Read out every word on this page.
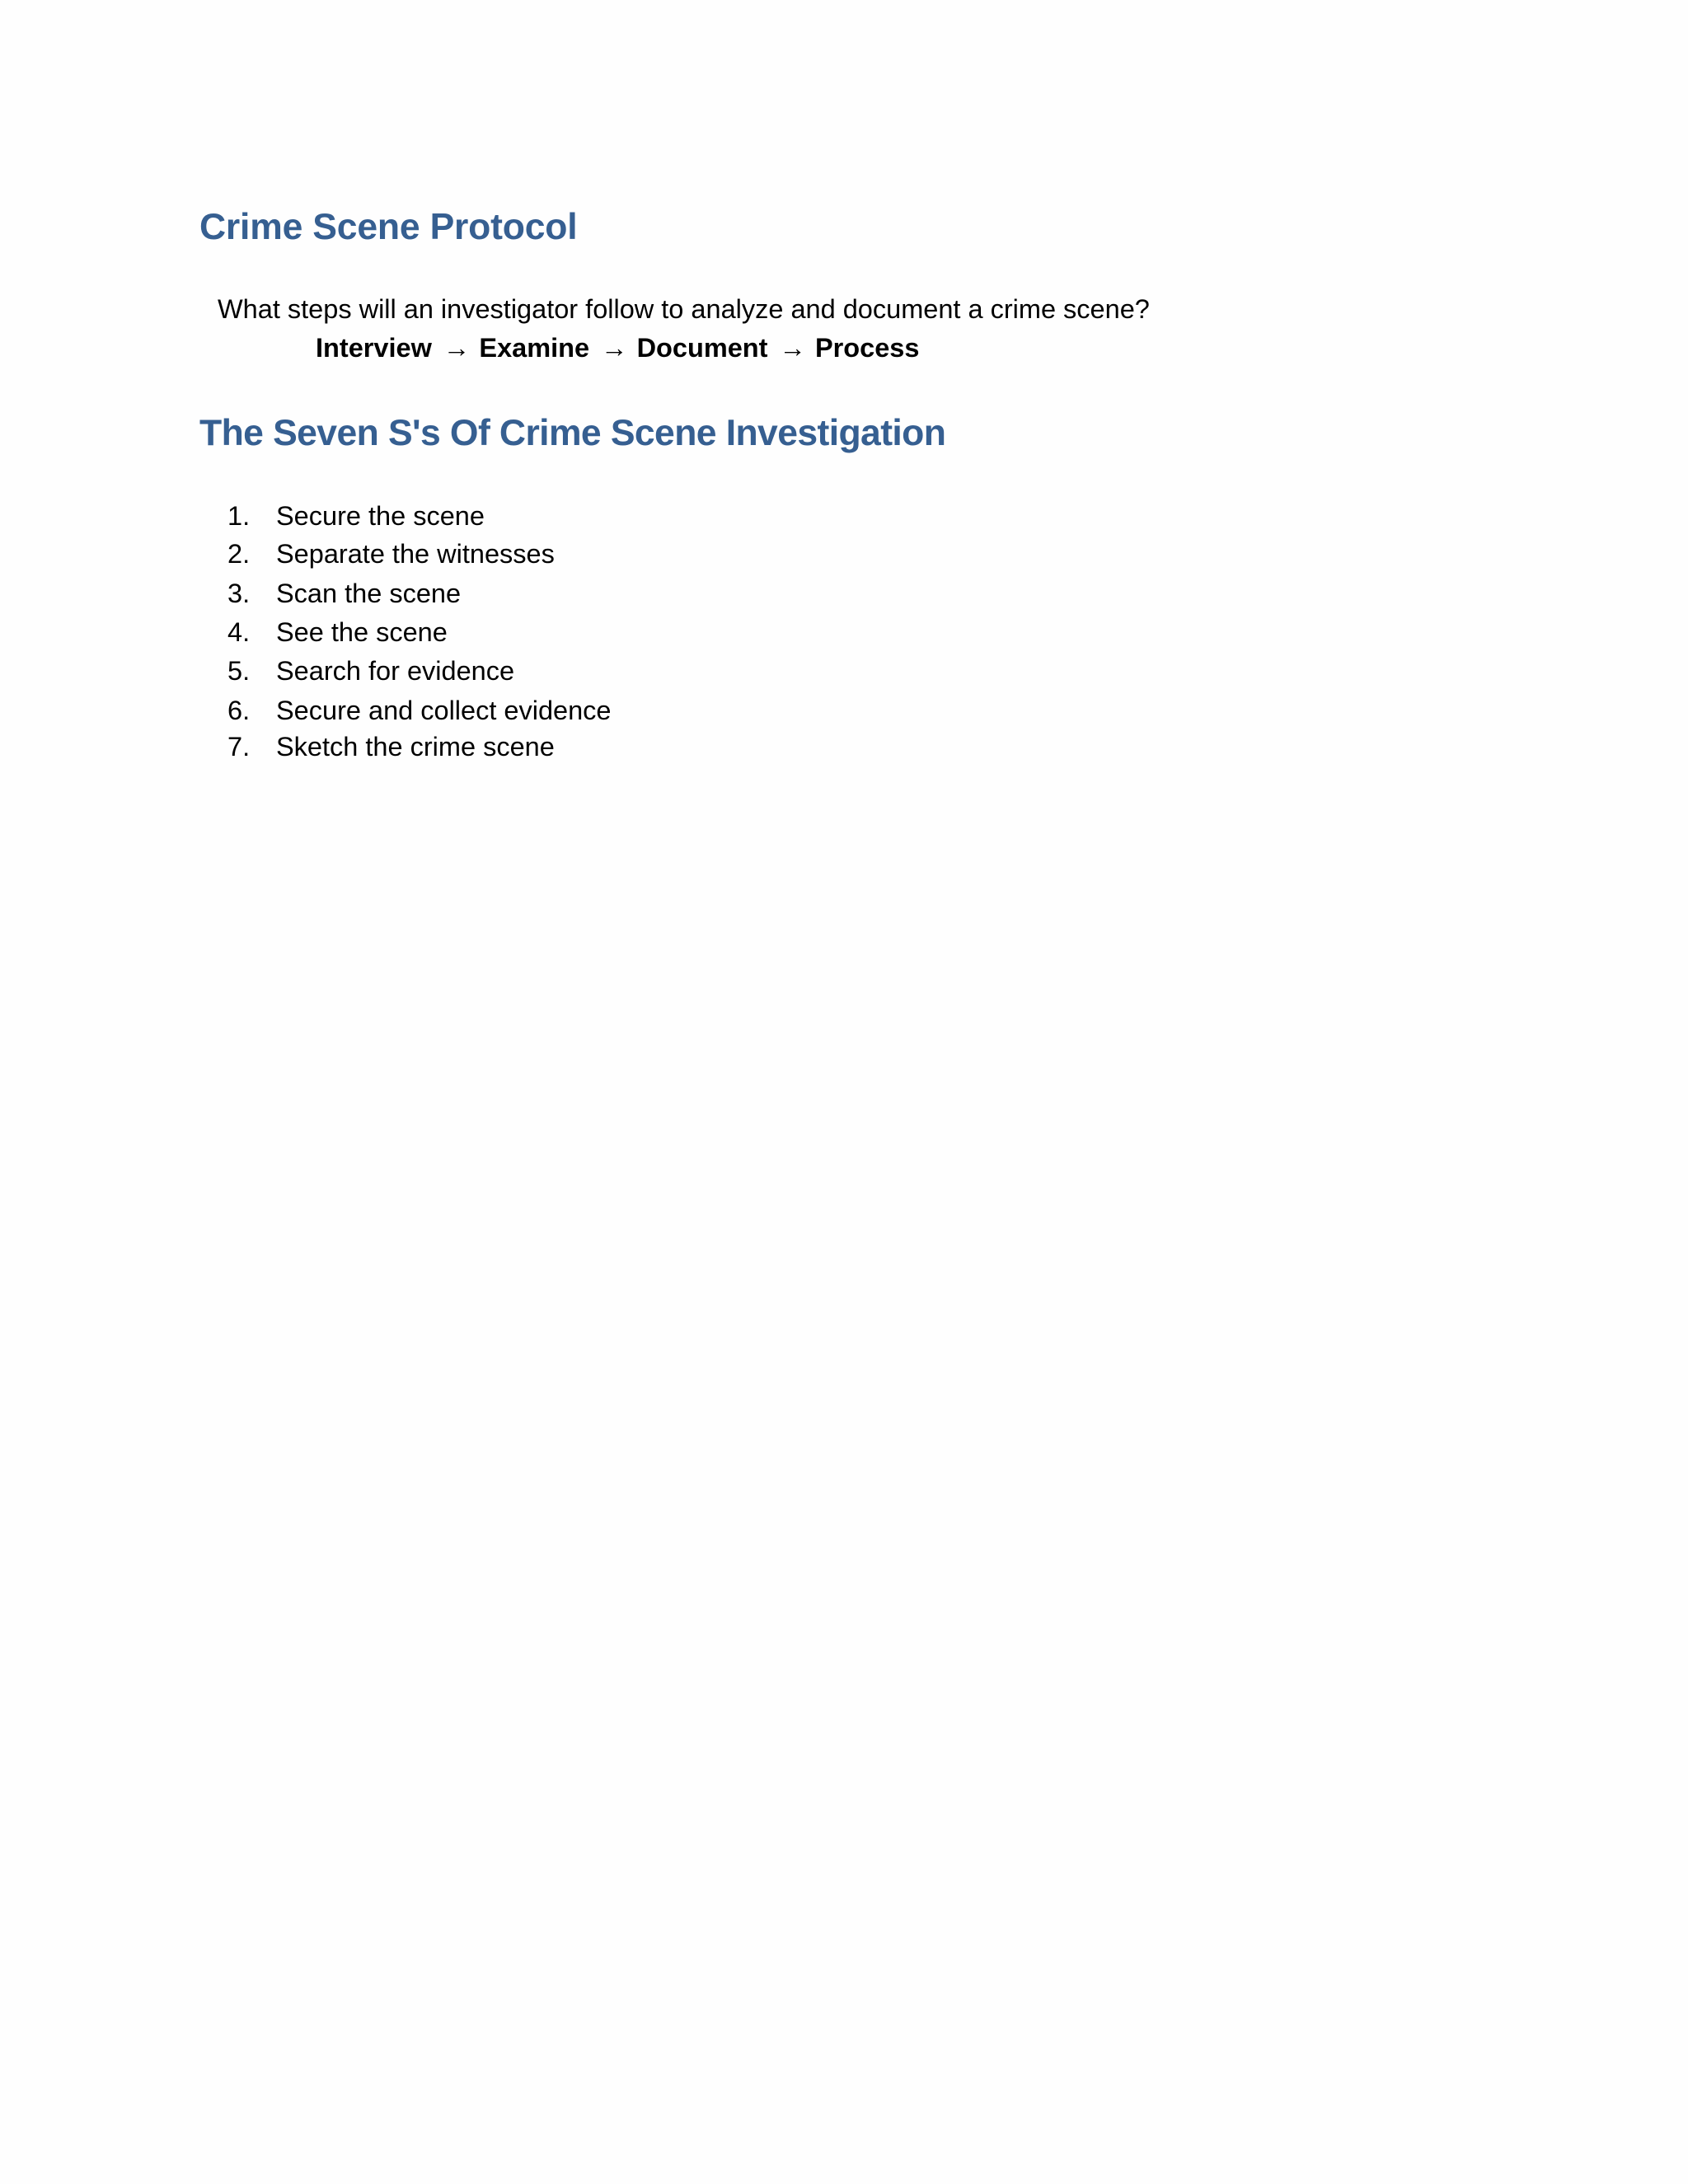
Crime Scene Protocol

What steps will an investigator follow to analyze and document a crime scene?

Interview → Examine → Document → Process
The Seven S's Of Crime Scene Investigation
1. Secure the scene
2. Separate the witnesses
3. Scan the scene
4. See the scene
5. Search for evidence
6. Secure and collect evidence
7. Sketch the crime scene
